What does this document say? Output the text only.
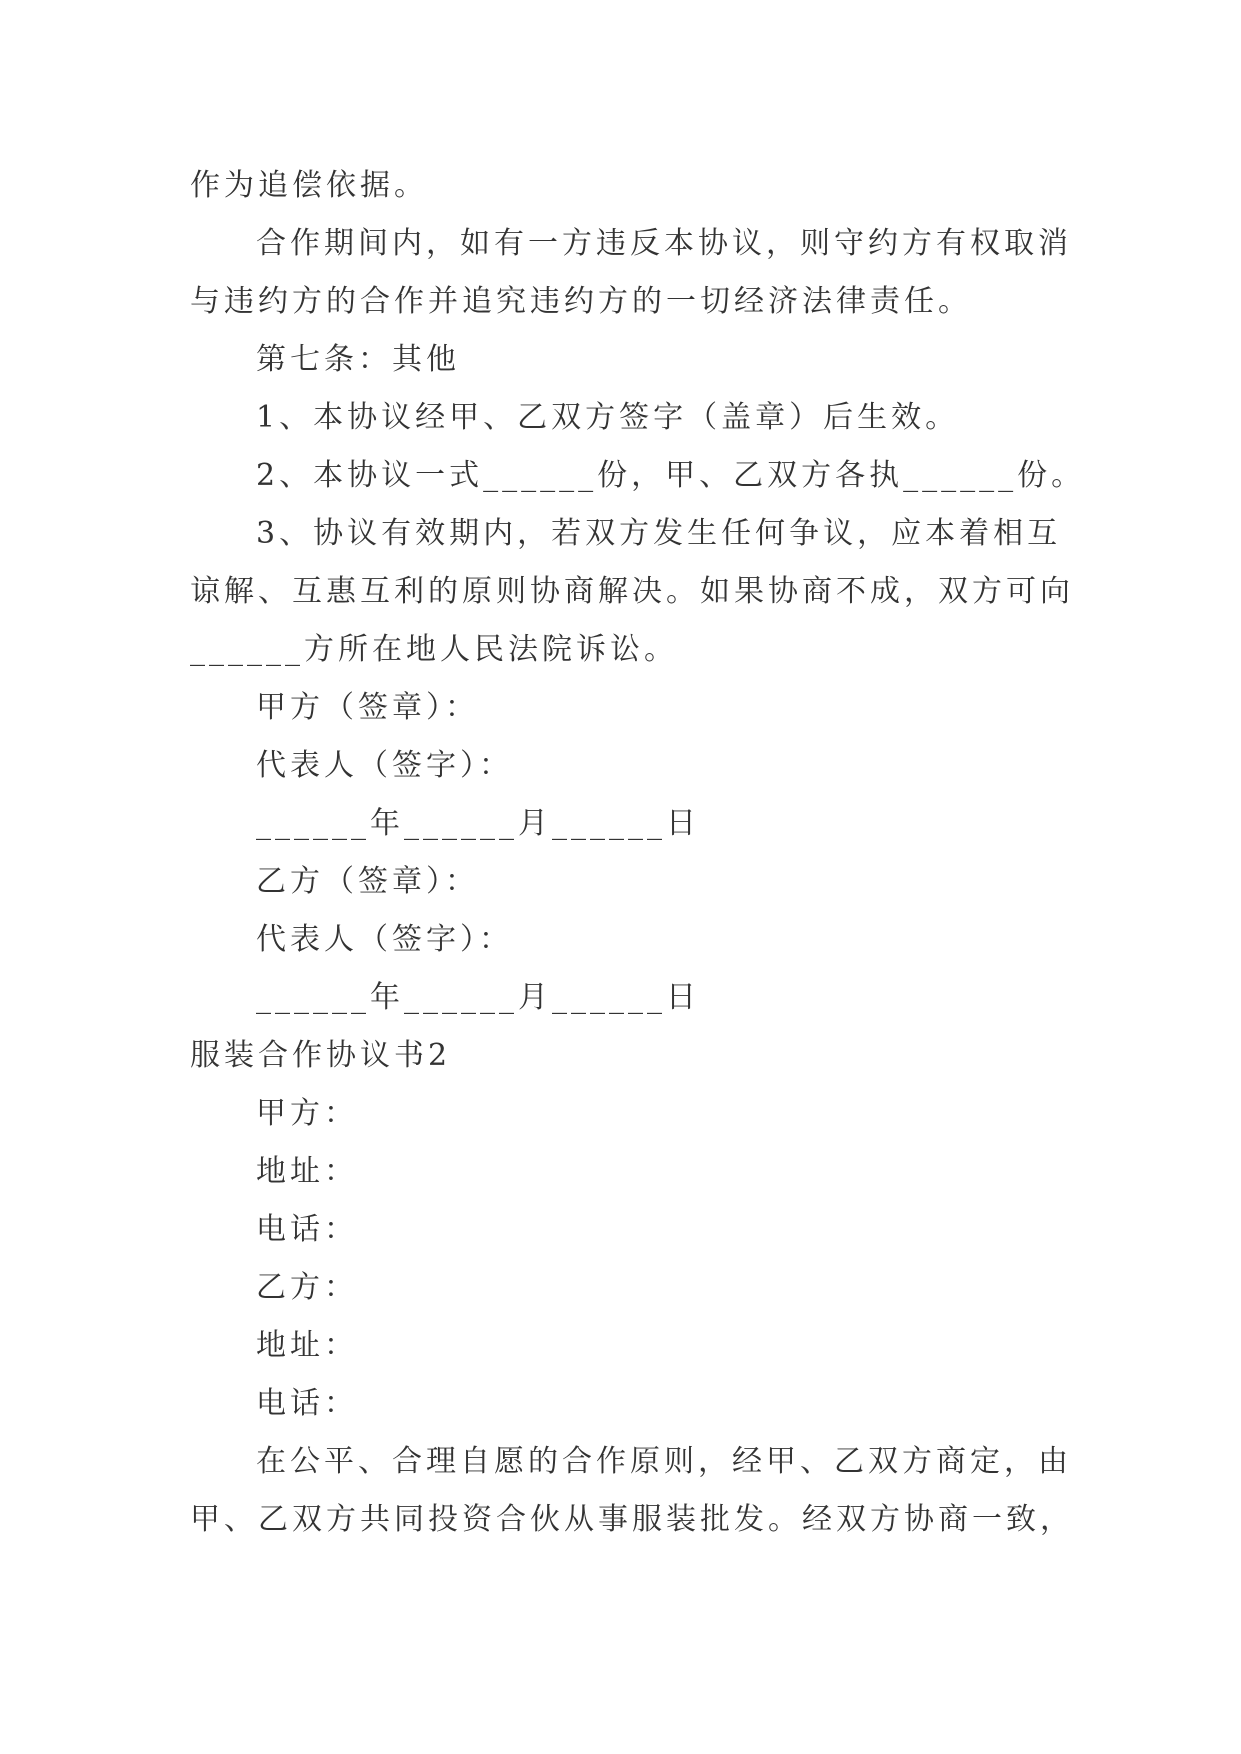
作为追偿依据。
合作期间内，如有一方违反本协议，则守约方有权取消
与违约方的合作并追究违约方的一切经济法律责任。
第七条：其他
1、本协议经甲、乙双方签字（盖章）后生效。
2、本协议一式______份，甲、乙双方各执______份。
3、协议有效期内，若双方发生任何争议，应本着相互
谅解、互惠互利的原则协商解决。如果协商不成，双方可向
______方所在地人民法院诉讼。
甲方（签章）：
代表人（签字）：
______年______月______日
乙方（签章）：
代表人（签字）：
______年______月______日
服装合作协议书2
甲方：
地址：
电话：
乙方：
地址：
电话：
在公平、合理自愿的合作原则，经甲、乙双方商定，由
甲、乙双方共同投资合伙从事服装批发。经双方协商一致，
